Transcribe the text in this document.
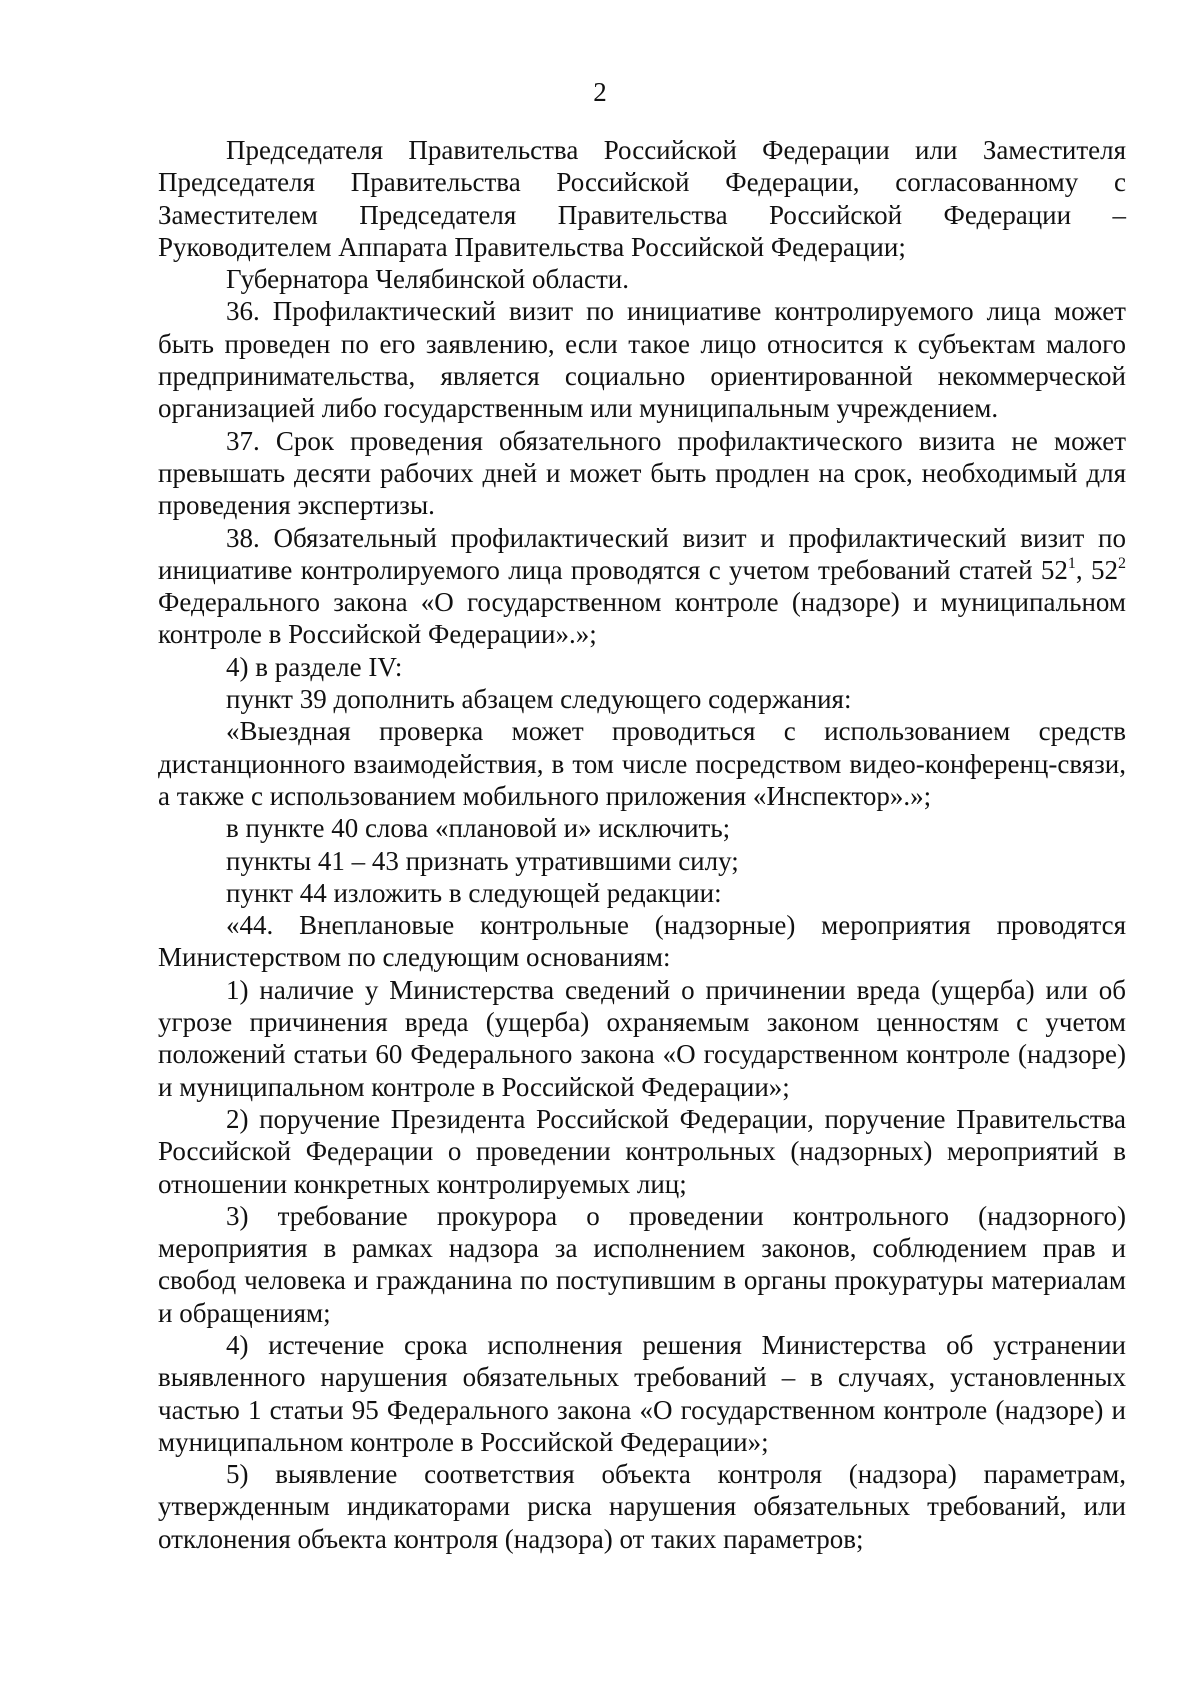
2

Председателя Правительства Российской Федерации или Заместителя Председателя Правительства Российской Федерации, согласованному с Заместителем Председателя Правительства Российской Федерации – Руководителем Аппарата Правительства Российской Федерации;

Губернатора Челябинской области.

36. Профилактический визит по инициативе контролируемого лица может быть проведен по его заявлению, если такое лицо относится к субъектам малого предпринимательства, является социально ориентированной некоммерческой организацией либо государственным или муниципальным учреждением.

37. Срок проведения обязательного профилактического визита не может превышать десяти рабочих дней и может быть продлен на срок, необходимый для проведения экспертизы.

38. Обязательный профилактический визит и профилактический визит по инициативе контролируемого лица проводятся с учетом требований статей $52^1$, $52^2$ Федерального закона «О государственном контроле (надзоре) и муниципальном контроле в Российской Федерации».»;

4) в разделе IV:

пункт 39 дополнить абзацем следующего содержания:

«Выездная проверка может проводиться с использованием средств дистанционного взаимодействия, в том числе посредством видео-конференц-связи, а также с использованием мобильного приложения «Инспектор».»;

в пункте 40 слова «плановой и» исключить;

пункты 41 – 43 признать утратившими силу;

пункт 44 изложить в следующей редакции:

«44. Внеплановые контрольные (надзорные) мероприятия проводятся Министерством по следующим основаниям:

1) наличие у Министерства сведений о причинении вреда (ущерба) или об угрозе причинения вреда (ущерба) охраняемым законом ценностям с учетом положений статьи 60 Федерального закона «О государственном контроле (надзоре) и муниципальном контроле в Российской Федерации»;

2) поручение Президента Российской Федерации, поручение Правительства Российской Федерации о проведении контрольных (надзорных) мероприятий в отношении конкретных контролируемых лиц;

3) требование прокурора о проведении контрольного (надзорного) мероприятия в рамках надзора за исполнением законов, соблюдением прав и свобод человека и гражданина по поступившим в органы прокуратуры материалам и обращениям;

4) истечение срока исполнения решения Министерства об устранении выявленного нарушения обязательных требований – в случаях, установленных частью 1 статьи 95 Федерального закона «О государственном контроле (надзоре) и муниципальном контроле в Российской Федерации»;

5) выявление соответствия объекта контроля (надзора) параметрам, утвержденным индикаторами риска нарушения обязательных требований, или отклонения объекта контроля (надзора) от таких параметров;
